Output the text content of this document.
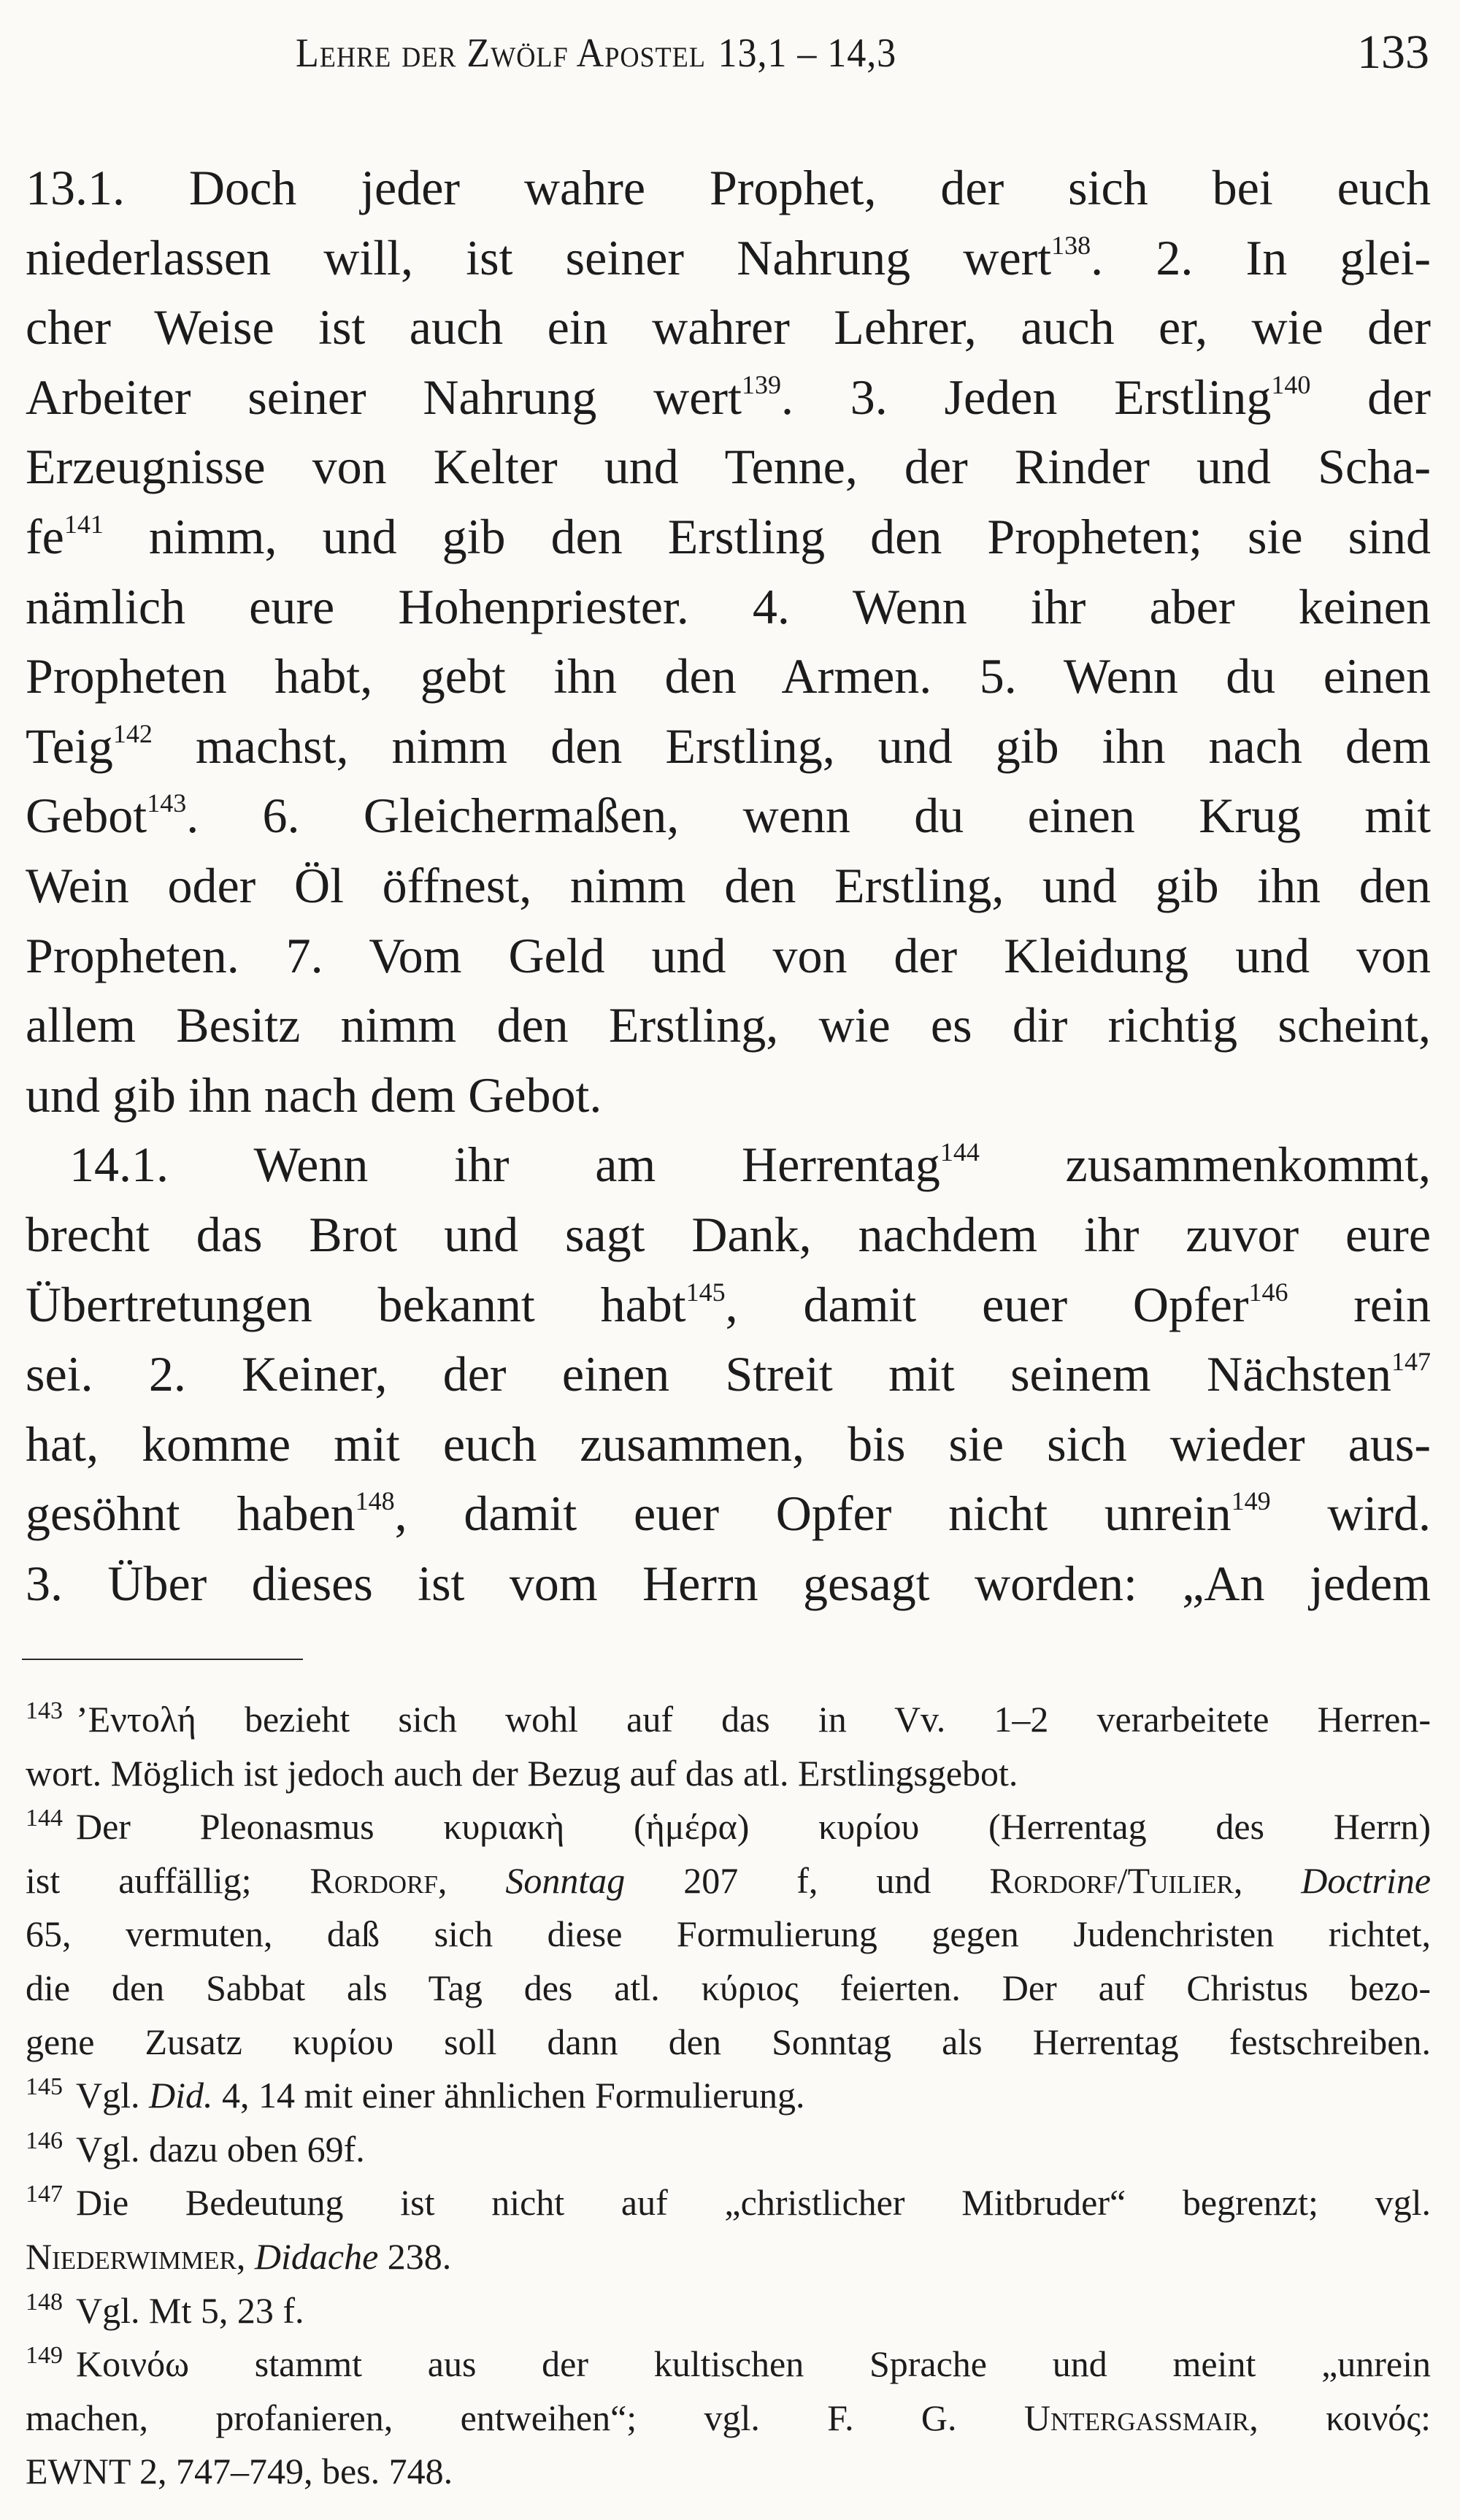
Lehre der Zwölf Apostel 13,1 – 14,3	133
13.1. Doch jeder wahre Prophet, der sich bei euch
niederlassen will, ist seiner Nahrung wert$^{138}$. 2. In glei-
cher Weise ist auch ein wahrer Lehrer, auch er, wie der
Arbeiter seiner Nahrung wert$^{139}$. 3. Jeden Erstling$^{140}$ der
Erzeugnisse von Kelter und Tenne, der Rinder und Scha-
fe$^{141}$ nimm, und gib den Erstling den Propheten; sie sind
nämlich eure Hohenpriester. 4. Wenn ihr aber keinen
Propheten habt, gebt ihn den Armen. 5. Wenn du einen
Teig$^{142}$ machst, nimm den Erstling, und gib ihn nach dem
Gebot$^{143}$. 6. Gleichermaßen, wenn du einen Krug mit
Wein oder Öl öffnest, nimm den Erstling, und gib ihn den
Propheten. 7. Vom Geld und von der Kleidung und von
allem Besitz nimm den Erstling, wie es dir richtig scheint,
und gib ihn nach dem Gebot.
14.1. Wenn ihr am Herrentag$^{144}$ zusammenkommt,
brecht das Brot und sagt Dank, nachdem ihr zuvor eure
Übertretungen bekannt habt$^{145}$, damit euer Opfer$^{146}$ rein
sei. 2. Keiner, der einen Streit mit seinem Nächsten$^{147}$
hat, komme mit euch zusammen, bis sie sich wieder aus-
gesöhnt haben$^{148}$, damit euer Opfer nicht unrein$^{149}$ wird.
3. Über dieses ist vom Herrn gesagt worden: „An jedem
$^{143}$ ’Εντολή bezieht sich wohl auf das in Vv. 1–2 verarbeitete Herren-
wort. Möglich ist jedoch auch der Bezug auf das atl. Erstlingsgebot.
$^{144}$ Der Pleonasmus κυριακὴ (ἡμέρα) κυρίου (Herrentag des Herrn)
ist auffällig; Rordorf, Sonntag 207 f, und Rordorf/Tuilier, Doctrine
65, vermuten, daß sich diese Formulierung gegen Judenchristen richtet,
die den Sabbat als Tag des atl. κύριος feierten. Der auf Christus bezo-
gene Zusatz κυρίου soll dann den Sonntag als Herrentag festschreiben.
$^{145}$ Vgl. Did. 4, 14 mit einer ähnlichen Formulierung.
$^{146}$ Vgl. dazu oben 69f.
$^{147}$ Die Bedeutung ist nicht auf „christlicher Mitbruder“ begrenzt; vgl.
Niederwimmer, Didache 238.
$^{148}$ Vgl. Mt 5, 23 f.
$^{149}$ Κοινόω stammt aus der kultischen Sprache und meint „unrein
machen, profanieren, entweihen“; vgl. F. G. Untergassmair, κοινός:
EWNT 2, 747–749, bes. 748.
